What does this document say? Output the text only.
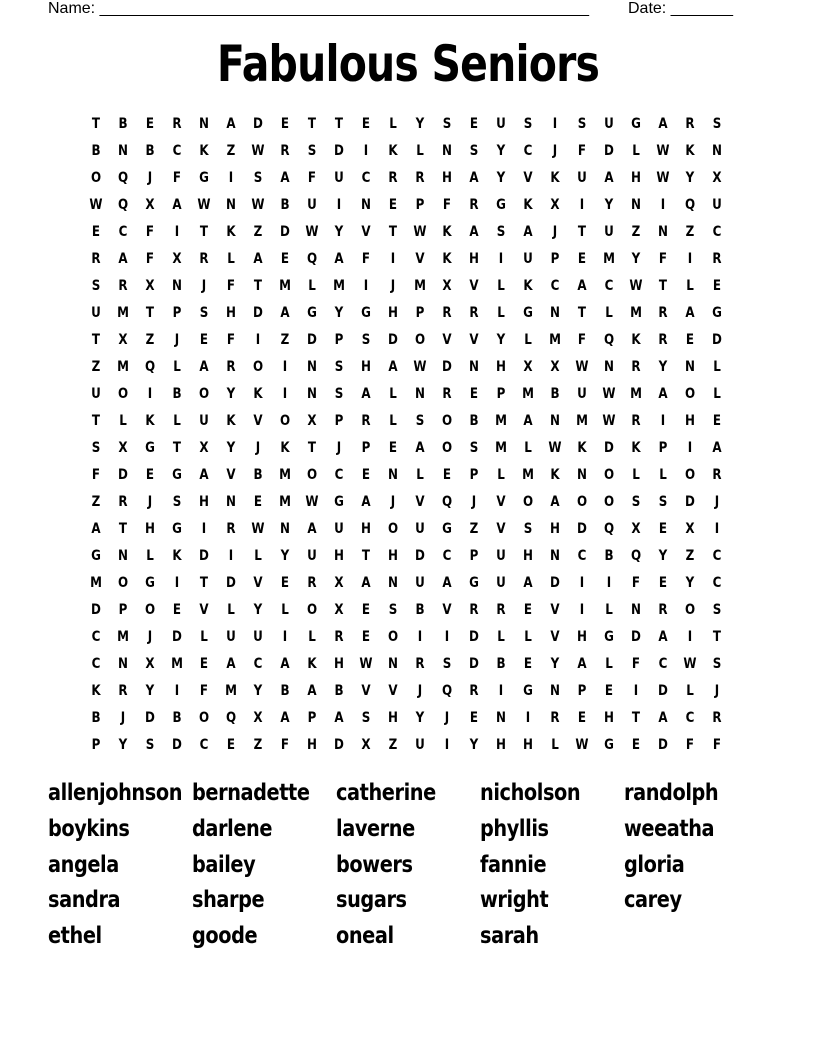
Name: _______________________________________________________ Date: _______
Fabulous Seniors
T	B	E	R N A D	E	T	T	E	L	Y	S	E	U	S	I	S	U G A R	S
B N B C K Z W R	S	D	I	K	L	N	S	Y C	J	F	D	L	W K N
O Q	J	F	G	I	S	A	F	U C R R H A Y V K U A H W Y X
W Q X A W N W B U	I	N	E	P	F	R G K X	I	Y N	I	Q U
E	C	F	I	T	K Z D W Y V	T	W K A	S	A	J	T	U Z N Z C
R A	F	X R	L	A	E	Q A	F	I	V K H	I	U P	E	M Y	F	I	R
S	R X N	J	F	T	M	L	M	I	J	M X V	L	K C A C W	T	L	E
U M	T	P	S	H D A G Y G H P R R	L	G N	T	L	M R A G
T	X Z	J	E	F	I	Z D P	S	D O V V Y	L	M	F	Q K R	E	D
Z M Q	L	A R O	I	N	S	H A W D N H X X W N R Y N	L
U O	I	B O Y K	I	N	S	A	L	N R	E	P M B U W M A O	L
T	L	K	L	U K V O X P R	L	S	O B M A N M W R	I	H	E
S	X G	T	X Y	J	K	T	J	P	E	A O	S	M	L	W K D K P	I	A
F	D	E	G A V B M O C	E	N	L	E	P	L	M K N O	L	L	O R
Z R	J	S	H N	E	M W G A	J	V Q	J	V O A O O	S	S	D	J
A	T	H G	I	R W N A U H O U G Z V	S	H D Q X	E	X	I
G N	L	K D	I	L	Y U H	T	H D C P U H N C B Q Y Z C
M O G	I	T	D V	E	R X A N U A G U A D	I	I	F	E	Y C
D P O	E	V	L	Y	L	O X	E	S	B V R R	E	V	I	L	N R O	S
C M	J	D	L	U U	I	L	R	E	O	I	I	D	L	L	V H G D A	I	T
C N X M	E	A C A K H W N R	S	D B	E	Y A	L	F	C W	S
K R Y	I	F	M Y B A B V V	J	Q R	I	G N P	E	I	D	L	J
B	J	D B O Q X A P A	S	H Y	J	E	N	I	R	E	H	T	A C R
P Y	S	D C	E	Z	F	H D X Z U	I	Y H H	L	W G	E	D	F	F
allenjohnson bernadette catherine nicholson randolph
boykins	darlene	laverne	phyllis	weeatha
angela	bailey	bowers	fannie	gloria
sandra	sharpe	sugars	wright	carey
ethel	goode	oneal	sarah
